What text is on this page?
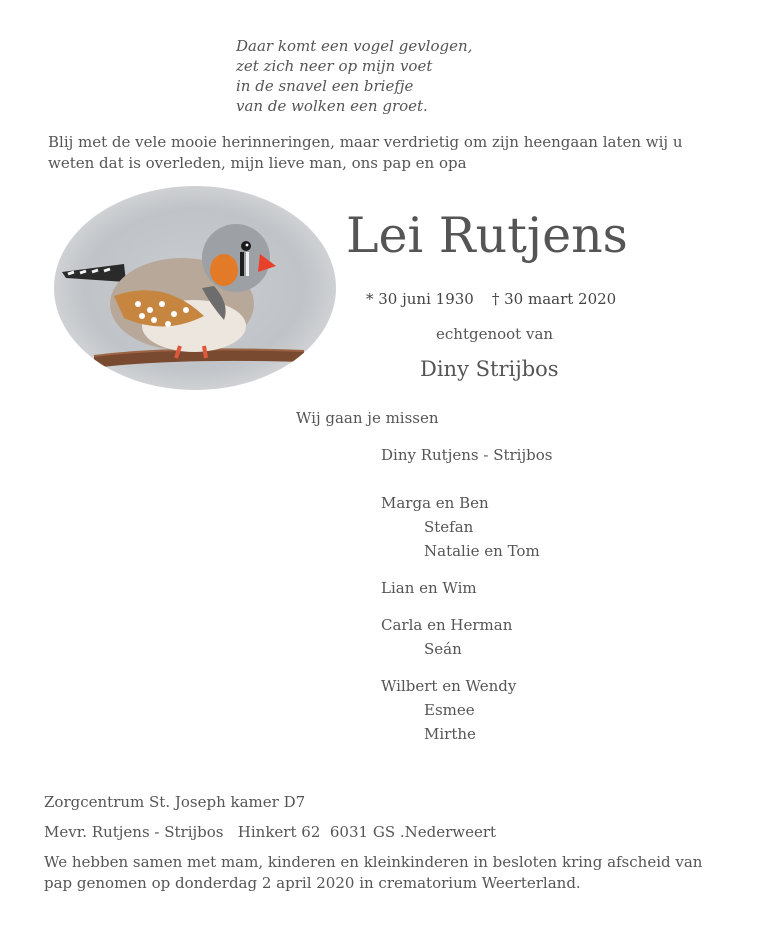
Daar komt een vogel gevlogen,
zet zich neer op mijn voet
in de snavel een briefje
van de wolken een groet.
Blij met de vele mooie herinneringen, maar verdrietig om zijn heengaan laten wij u weten dat is overleden, mijn lieve man, ons pap en opa
Lei Rutjens
* 30 juni 1930 † 30 maart 2020
echtgenoot van
Diny Strijbos
Wij gaan je missen
Diny Rutjens - Strijbos
Marga en Ben
Stefan
Natalie en Tom
Lian en Wim
Carla en Herman
Seán
Wilbert en Wendy
Esmee
Mirthe
Zorgcentrum St. Joseph kamer D7
Mevr. Rutjens - Strijbos   Hinkert 62  6031 GS .Nederweert
We hebben samen met mam, kinderen en kleinkinderen in besloten kring afscheid van pap genomen op donderdag 2 april 2020 in crematorium Weerterland.
